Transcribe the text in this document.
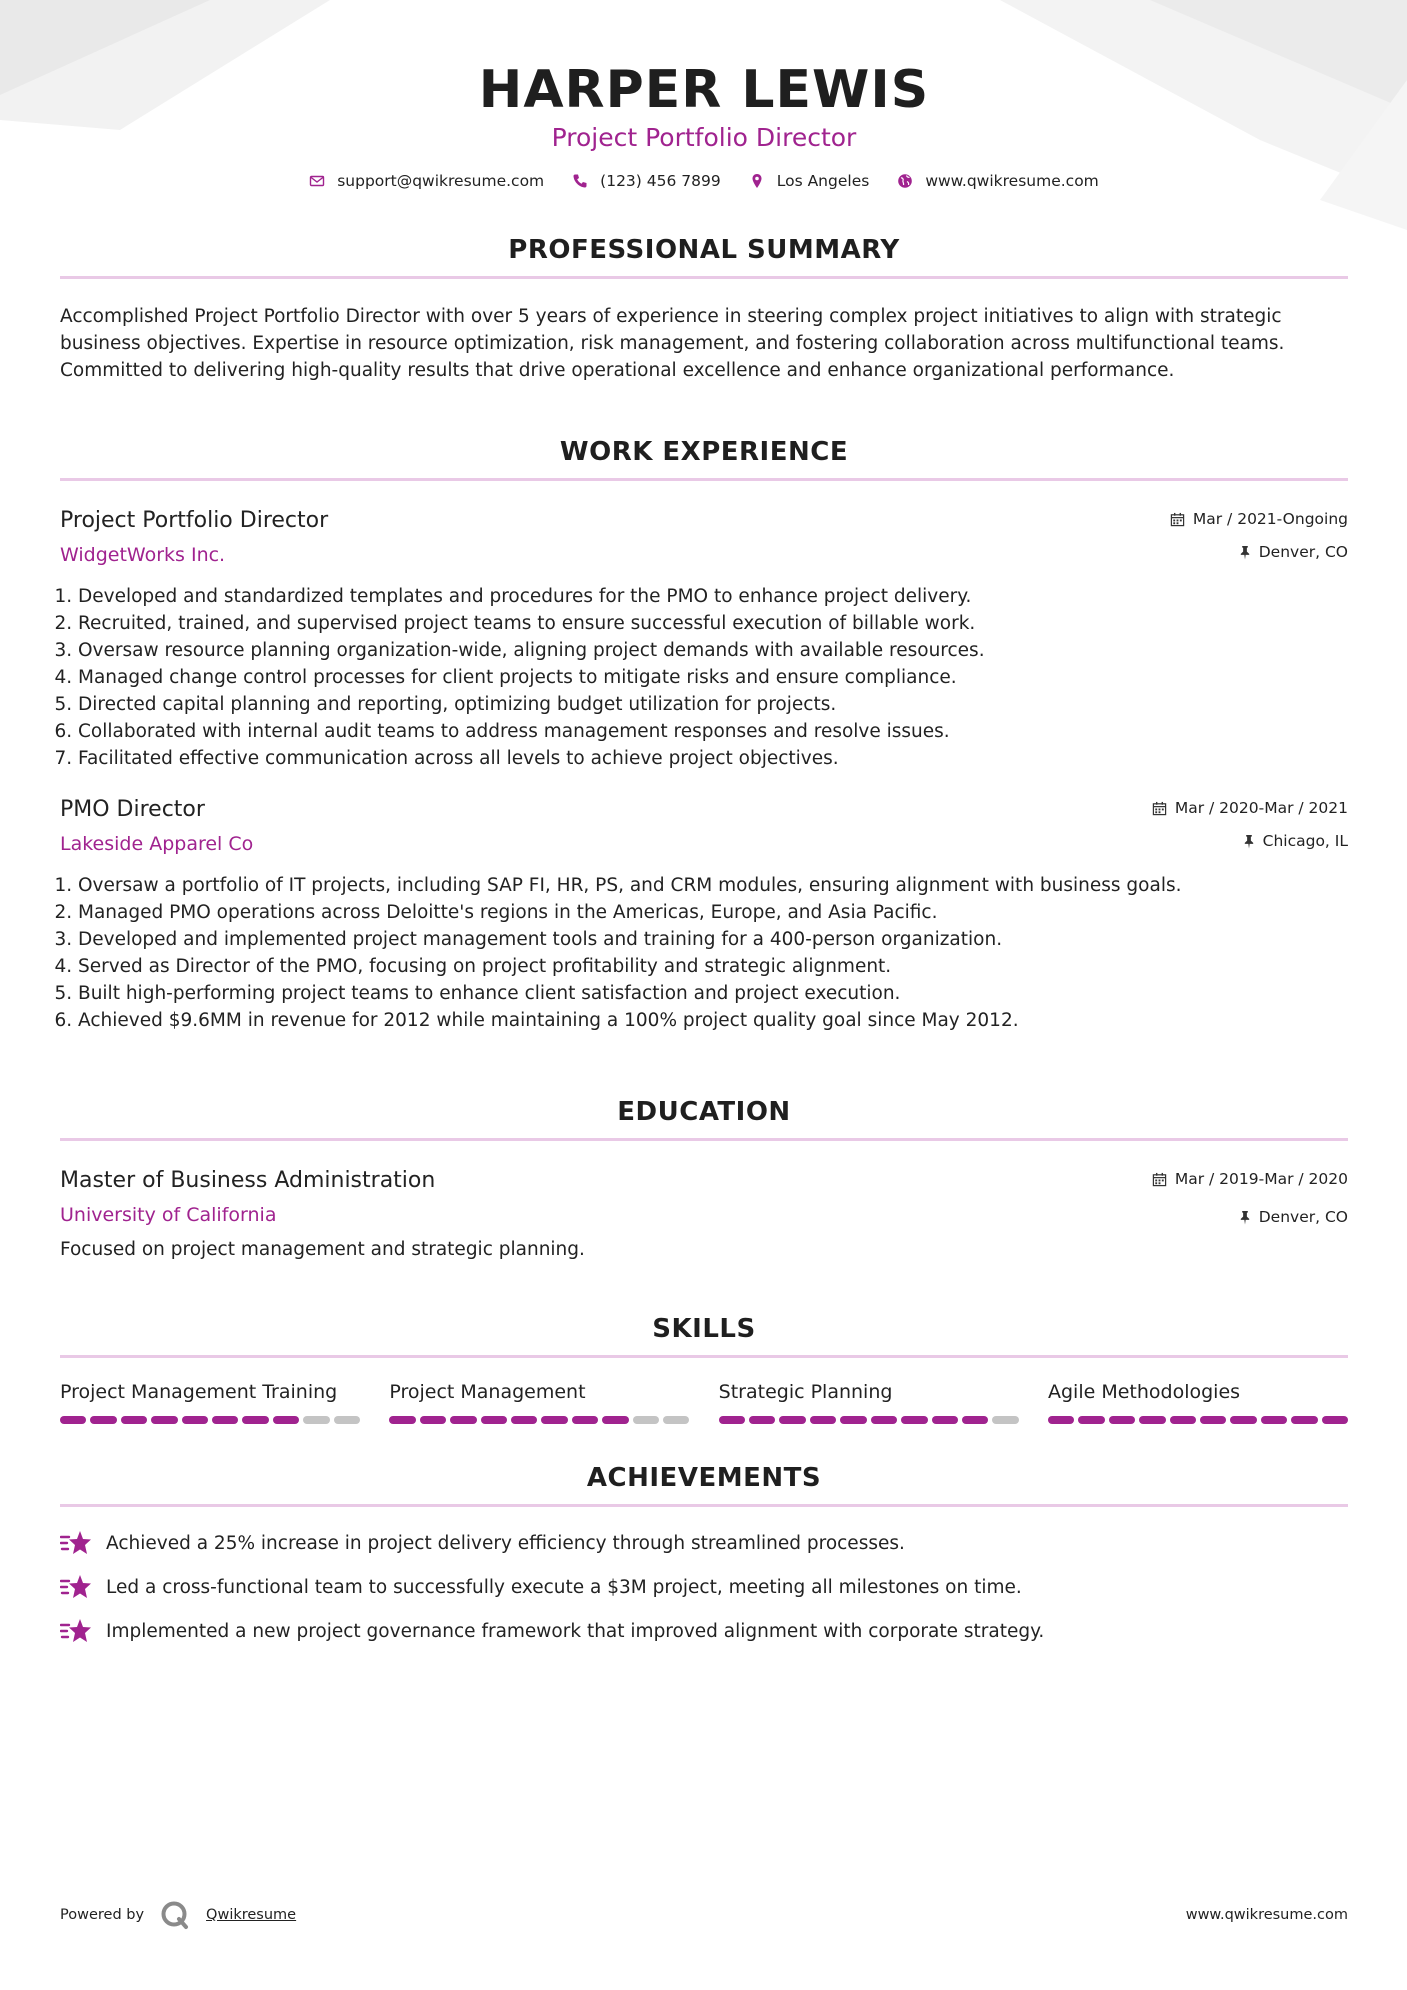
HARPER LEWIS
Project Portfolio Director
support@qwikresume.com	(123) 456 7899	Los Angeles	www.qwikresume.com
PROFESSIONAL SUMMARY
Accomplished Project Portfolio Director with over 5 years of experience in steering complex project initiatives to align with strategic business objectives. Expertise in resource optimization, risk management, and fostering collaboration across multifunctional teams. Committed to delivering high-quality results that drive operational excellence and enhance organizational performance.
WORK EXPERIENCE
Project Portfolio Director
WidgetWorks Inc.
Mar / 2021-Ongoing
Denver, CO
1. Developed and standardized templates and procedures for the PMO to enhance project delivery.
2. Recruited, trained, and supervised project teams to ensure successful execution of billable work.
3. Oversaw resource planning organization-wide, aligning project demands with available resources.
4. Managed change control processes for client projects to mitigate risks and ensure compliance.
5. Directed capital planning and reporting, optimizing budget utilization for projects.
6. Collaborated with internal audit teams to address management responses and resolve issues.
7. Facilitated effective communication across all levels to achieve project objectives.
PMO Director
Lakeside Apparel Co
Mar / 2020-Mar / 2021
Chicago, IL
1. Oversaw a portfolio of IT projects, including SAP FI, HR, PS, and CRM modules, ensuring alignment with business goals.
2. Managed PMO operations across Deloitte's regions in the Americas, Europe, and Asia Pacific.
3. Developed and implemented project management tools and training for a 400-person organization.
4. Served as Director of the PMO, focusing on project profitability and strategic alignment.
5. Built high-performing project teams to enhance client satisfaction and project execution.
6. Achieved $9.6MM in revenue for 2012 while maintaining a 100% project quality goal since May 2012.
EDUCATION
Master of Business Administration
University of California
Mar / 2019-Mar / 2020
Denver, CO
Focused on project management and strategic planning.
SKILLS
Project Management Training	Project Management	Strategic Planning	Agile Methodologies
ACHIEVEMENTS
Achieved a 25% increase in project delivery efficiency through streamlined processes.
Led a cross-functional team to successfully execute a $3M project, meeting all milestones on time.
Implemented a new project governance framework that improved alignment with corporate strategy.
Powered by	Qwikresume	www.qwikresume.com
